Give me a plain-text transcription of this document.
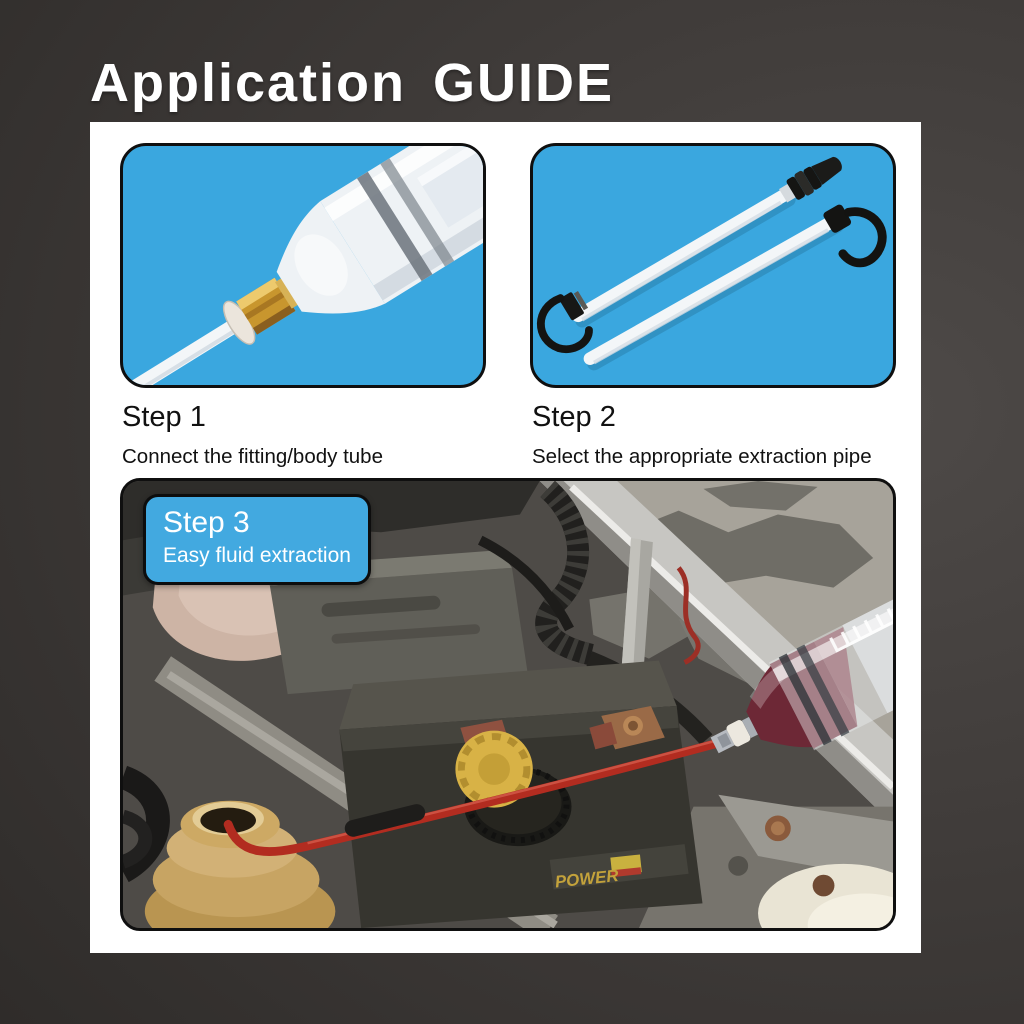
Application GUIDE
Step 1

Connect the fitting/body tube

Step 2

Select the appropriate extraction pipe

POWER
Step 3
Easy fluid extraction
